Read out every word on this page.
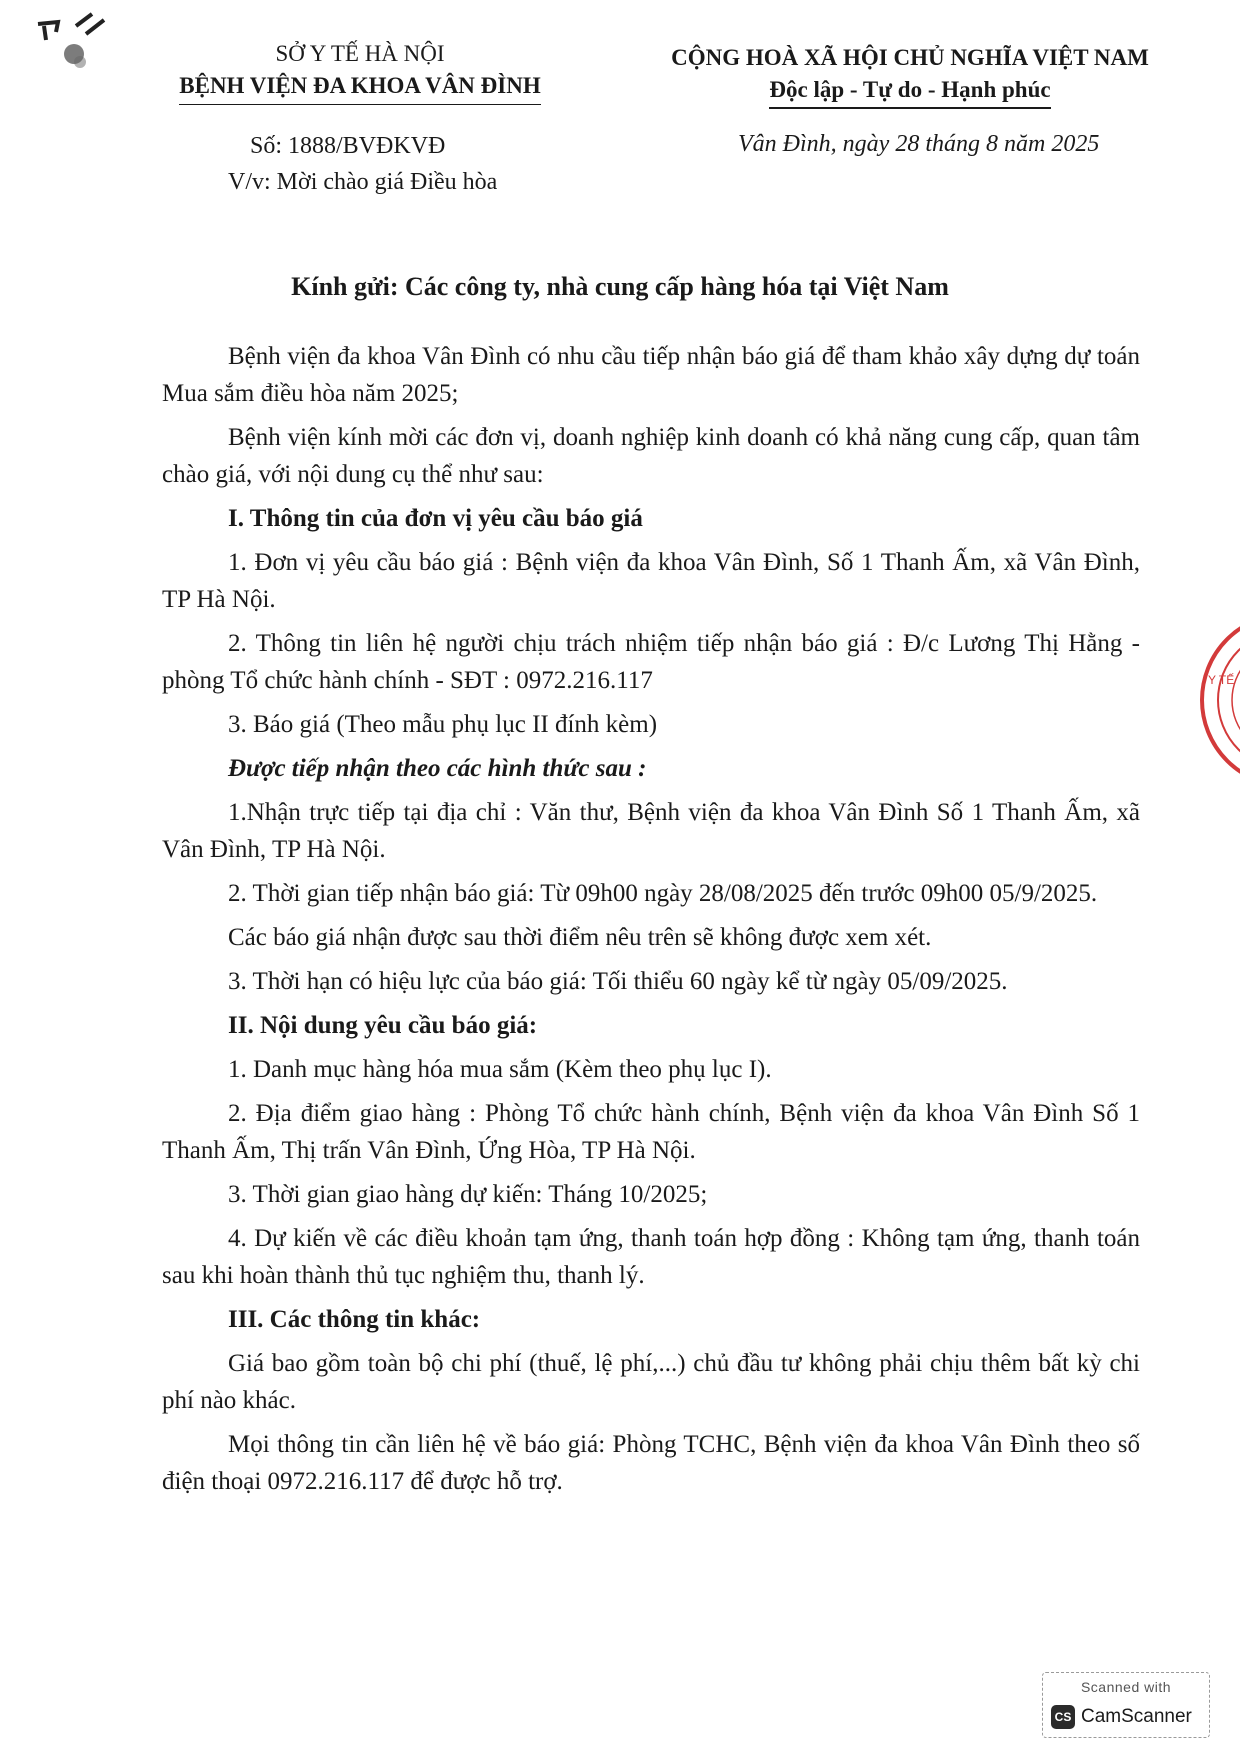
SỞ Y TẾ HÀ NỘI
BỆNH VIỆN ĐA KHOA VÂN ĐÌNH
CỘNG HOÀ XÃ HỘI CHỦ NGHĨA VIỆT NAM
Độc lập - Tự do - Hạnh phúc
Số: 1888/BVĐKVĐ
V/v: Mời chào giá Điều hòa
Vân Đình, ngày 28 tháng 8 năm 2025
Kính gửi: Các công ty, nhà cung cấp hàng hóa tại Việt Nam

Bệnh viện đa khoa Vân Đình có nhu cầu tiếp nhận báo giá để tham khảo xây dựng dự toán Mua sắm điều hòa năm 2025;

Bệnh viện kính mời các đơn vị, doanh nghiệp kinh doanh có khả năng cung cấp, quan tâm chào giá, với nội dung cụ thể như sau:

I. Thông tin của đơn vị yêu cầu báo giá

1. Đơn vị yêu cầu báo giá : Bệnh viện đa khoa Vân Đình, Số 1 Thanh Ấm, xã Vân Đình, TP Hà Nội.

2. Thông tin liên hệ người chịu trách nhiệm tiếp nhận báo giá : Đ/c Lương Thị Hằng - phòng Tổ chức hành chính - SĐT : 0972.216.117

3. Báo giá (Theo mẫu phụ lục II đính kèm)

Được tiếp nhận theo các hình thức sau :

1.Nhận trực tiếp tại địa chỉ : Văn thư, Bệnh viện đa khoa Vân Đình Số 1 Thanh Ấm, xã Vân Đình, TP Hà Nội.

2. Thời gian tiếp nhận báo giá: Từ 09h00 ngày 28/08/2025 đến trước 09h00 05/9/2025.

Các báo giá nhận được sau thời điểm nêu trên sẽ không được xem xét.

3. Thời hạn có hiệu lực của báo giá: Tối thiểu 60 ngày kể từ ngày 05/09/2025.

II. Nội dung yêu cầu báo giá:

1. Danh mục hàng hóa mua sắm (Kèm theo phụ lục I).

2. Địa điểm giao hàng : Phòng Tổ chức hành chính, Bệnh viện đa khoa Vân Đình Số 1 Thanh Ấm, Thị trấn Vân Đình, Ứng Hòa, TP Hà Nội.

3. Thời gian giao hàng dự kiến: Tháng 10/2025;

4. Dự kiến về các điều khoản tạm ứng, thanh toán hợp đồng : Không tạm ứng, thanh toán sau khi hoàn thành thủ tục nghiệm thu, thanh lý.

III. Các thông tin khác:

Giá bao gồm toàn bộ chi phí (thuế, lệ phí,...) chủ đầu tư không phải chịu thêm bất kỳ chi phí nào khác.

Mọi thông tin cần liên hệ về báo giá: Phòng TCHC, Bệnh viện đa khoa Vân Đình theo số điện thoại 0972.216.117 để được hỗ trợ.

Y TẾ
Scanned with
CS CamScanner
